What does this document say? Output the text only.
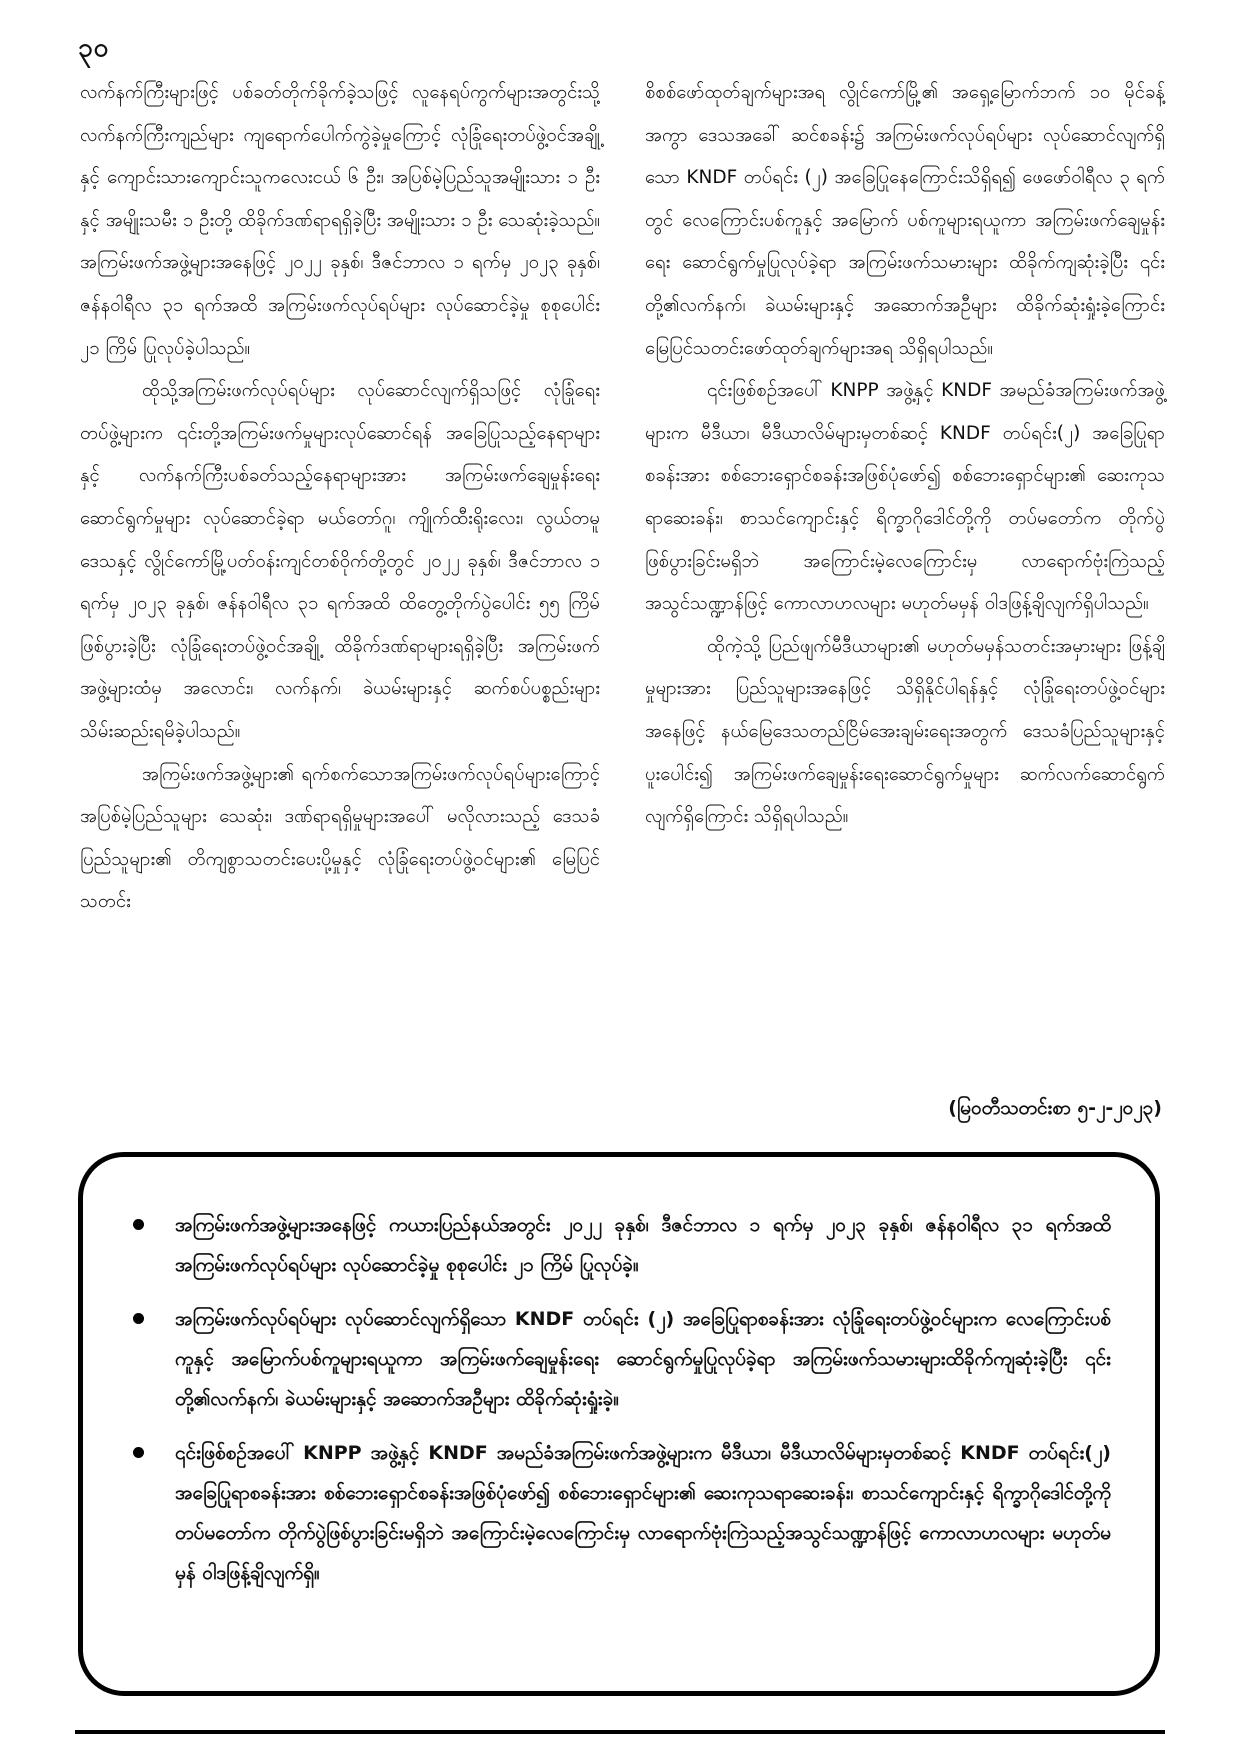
၃၀

လက်နက်ကြီးများဖြင့် ပစ်ခတ်တိုက်ခိုက်ခဲ့သဖြင့် လူနေရပ်ကွက်များအတွင်းသို့ လက်နက်ကြီးကျည်များ ကျရောက်ပေါက်ကွဲခဲ့မှုကြောင့် လုံခြုံရေးတပ်ဖွဲ့ဝင်အချို့နှင့် ကျောင်းသားကျောင်းသူကလေးငယ် ၆ ဦး၊ အပြစ်မဲ့ပြည်သူအမျိုးသား ၁ ဦးနှင့် အမျိုးသမီး ၁ ဦးတို့ ထိခိုက်ဒဏ်ရာရရှိခဲ့ပြီး အမျိုးသား ၁ ဦး သေဆုံးခဲ့သည်။ အကြမ်းဖက်အဖွဲ့များအနေဖြင့် ၂၀၂၂ ခုနှစ်၊ ဒီဇင်ဘာလ ၁ ရက်မှ ၂၀၂၃ ခုနှစ်၊ ဇန်နဝါရီလ ၃၁ ရက်အထိ အကြမ်းဖက်လုပ်ရပ်များ လုပ်ဆောင်ခဲ့မှု စုစုပေါင်း ၂၁ ကြိမ် ပြုလုပ်ခဲ့ပါသည်။

ထိုသို့အကြမ်းဖက်လုပ်ရပ်များ လုပ်ဆောင်လျက်ရှိသဖြင့် လုံခြုံရေးတပ်ဖွဲ့များက ၎င်းတို့အကြမ်းဖက်မှုများလုပ်ဆောင်ရန် အခြေပြုသည့်နေရာများနှင့် လက်နက်ကြီးပစ်ခတ်သည့်နေရာများအား အကြမ်းဖက်ချေမှုန်းရေးဆောင်ရွက်မှုများ လုပ်ဆောင်ခဲ့ရာ မယ်တော်ဂူ၊ ကျိုက်ထီးရိုးလေး၊ လွယ်တမူဒေသနှင့် လွိုင်ကော်မြို့ပတ်ဝန်းကျင်တစ်ဝိုက်တို့တွင် ၂၀၂၂ ခုနှစ်၊ ဒီဇင်ဘာလ ၁ ရက်မှ ၂၀၂၃ ခုနှစ်၊ ဇန်နဝါရီလ ၃၁ ရက်အထိ ထိတွေ့တိုက်ပွဲပေါင်း ၅၅ ကြိမ်ဖြစ်ပွားခဲ့ပြီး လုံခြုံရေးတပ်ဖွဲ့ဝင်အချို့ ထိခိုက်ဒဏ်ရာများရရှိခဲ့ပြီး အကြမ်းဖက်အဖွဲ့များထံမှ အလောင်း၊ လက်နက်၊ ခဲယမ်းများနှင့် ဆက်စပ်ပစ္စည်းများ သိမ်းဆည်းရမိခဲ့ပါသည်။

အကြမ်းဖက်အဖွဲ့များ၏ ရက်စက်သောအကြမ်းဖက်လုပ်ရပ်များကြောင့် အပြစ်မဲ့ပြည်သူများ သေဆုံး၊ ဒဏ်ရာရရှိမှုများအပေါ် မလိုလားသည့် ဒေသခံပြည်သူများ၏ တိကျစွာသတင်းပေးပို့မှုနှင့် လုံခြုံရေးတပ်ဖွဲ့ဝင်များ၏ မြေပြင်သတင်း

စိစစ်ဖော်ထုတ်ချက်များအရ လွိုင်ကော်မြို့၏ အရှေ့မြောက်ဘက် ၁၀ မိုင်ခန့်အကွာ ဒေသအခေါ် ဆင်စခန်း၌ အကြမ်းဖက်လုပ်ရပ်များ လုပ်ဆောင်လျက်ရှိသော KNDF တပ်ရင်း (၂) အခြေပြုနေကြောင်းသိရှိရ၍ ဖေဖော်ဝါရီလ ၃ ရက်တွင် လေကြောင်းပစ်ကူနှင့် အမြောက် ပစ်ကူများရယူကာ အကြမ်းဖက်ချေမှုန်းရေး ဆောင်ရွက်မှုပြုလုပ်ခဲ့ရာ အကြမ်းဖက်သမားများ ထိခိုက်ကျဆုံးခဲ့ပြီး ၎င်းတို့၏လက်နက်၊ ခဲယမ်းများနှင့် အဆောက်အဦများ ထိခိုက်ဆုံးရှုံးခဲ့ကြောင်း မြေပြင်သတင်းဖော်ထုတ်ချက်များအရ သိရှိရပါသည်။

၎င်းဖြစ်စဉ်အပေါ် KNPP အဖွဲ့နှင့် KNDF အမည်ခံအကြမ်းဖက်အဖွဲ့များက မီဒီယာ၊ မီဒီယာလိမ်များမှတစ်ဆင့် KNDF တပ်ရင်း(၂) အခြေပြုရာစခန်းအား စစ်ဘေးရှောင်စခန်းအဖြစ်ပုံဖော်၍ စစ်ဘေးရှောင်များ၏ ဆေးကုသရာဆေးခန်း၊ စာသင်ကျောင်းနှင့် ရိက္ခာဂိုဒေါင်တို့ကို တပ်မတော်က တိုက်ပွဲဖြစ်ပွားခြင်းမရှိဘဲ အကြောင်းမဲ့လေကြောင်းမှ လာရောက်ဗုံးကြဲသည့် အသွင်သဏ္ဍာန်ဖြင့် ကောလာဟလများ မဟုတ်မမှန် ဝါဒဖြန့်ချိလျက်ရှိပါသည်။

ထိုကဲ့သို့ ပြည်ဖျက်မီဒီယာများ၏ မဟုတ်မမှန်သတင်းအမှားများ ဖြန့်ချိမှုများအား ပြည်သူများအနေဖြင့် သိရှိနိုင်ပါရန်နှင့် လုံခြုံရေးတပ်ဖွဲ့ဝင်များအနေဖြင့် နယ်မြေဒေသတည်ငြိမ်အေးချမ်းရေးအတွက် ဒေသခံပြည်သူများနှင့် ပူးပေါင်း၍ အကြမ်းဖက်ချေမှုန်းရေးဆောင်ရွက်မှုများ ဆက်လက်ဆောင်ရွက်လျက်ရှိကြောင်း သိရှိရပါသည်။

(မြဝတီသတင်းစာ ၅-၂-၂၀၂၃)
အကြမ်းဖက်အဖွဲ့များအနေဖြင့် ကယားပြည်နယ်အတွင်း ၂၀၂၂ ခုနှစ်၊ ဒီဇင်ဘာလ ၁ ရက်မှ ၂၀၂၃ ခုနှစ်၊ ဇန်နဝါရီလ ၃၁ ရက်အထိ အကြမ်းဖက်လုပ်ရပ်များ လုပ်ဆောင်ခဲ့မှု စုစုပေါင်း ၂၁ ကြိမ် ပြုလုပ်ခဲ့။
အကြမ်းဖက်လုပ်ရပ်များ လုပ်ဆောင်လျက်ရှိသော KNDF တပ်ရင်း (၂) အခြေပြုရာစခန်းအား လုံခြုံရေးတပ်ဖွဲ့ဝင်များက လေကြောင်းပစ်ကူနှင့် အမြောက်ပစ်ကူများရယူကာ အကြမ်းဖက်ချေမှုန်းရေး ဆောင်ရွက်မှုပြုလုပ်ခဲ့ရာ အကြမ်းဖက်သမားများထိခိုက်ကျဆုံးခဲ့ပြီး ၎င်းတို့၏လက်နက်၊ ခဲယမ်းများနှင့် အဆောက်အဦများ ထိခိုက်ဆုံးရှုံးခဲ့။
၎င်းဖြစ်စဉ်အပေါ် KNPP အဖွဲ့နှင့် KNDF အမည်ခံအကြမ်းဖက်အဖွဲ့များက မီဒီယာ၊ မီဒီယာလိမ်များမှတစ်ဆင့် KNDF တပ်ရင်း(၂) အခြေပြုရာစခန်းအား စစ်ဘေးရှောင်စခန်းအဖြစ်ပုံဖော်၍ စစ်ဘေးရှောင်များ၏ ဆေးကုသရာဆေးခန်း၊ စာသင်ကျောင်းနှင့် ရိက္ခာဂိုဒေါင်တို့ကို တပ်မတော်က တိုက်ပွဲဖြစ်ပွားခြင်းမရှိဘဲ အကြောင်းမဲ့လေကြောင်းမှ လာရောက်ဗုံးကြဲသည့်အသွင်သဏ္ဍာန်ဖြင့် ကောလာဟလများ မဟုတ်မမှန် ဝါဒဖြန့်ချိလျက်ရှိ။
